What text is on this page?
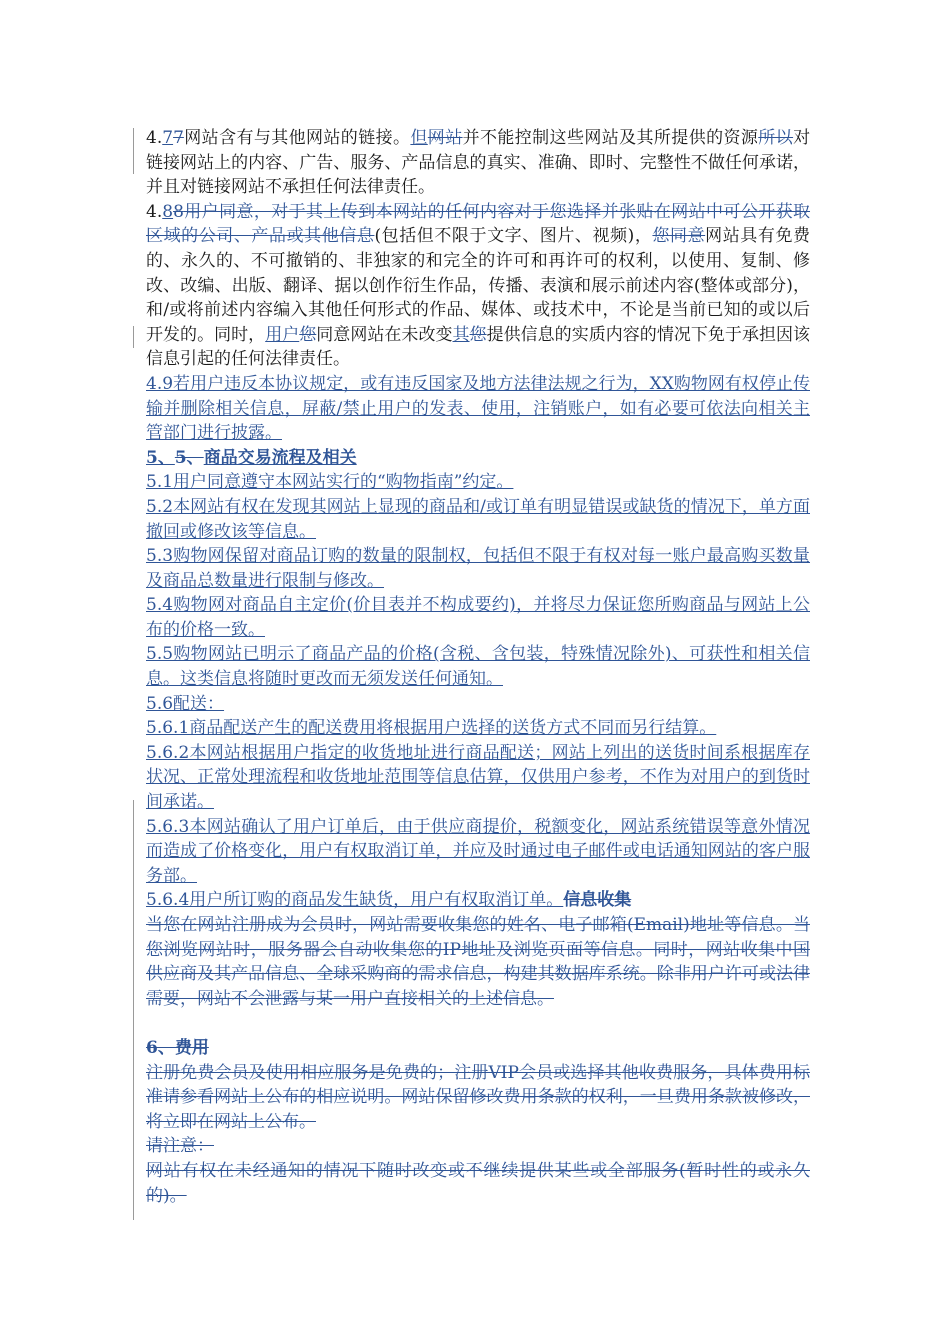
4.77网站含有与其他网站的链接。但网站并不能控制这些网站及其所提供的资源所以对链接网站上的内容、广告、服务、产品信息的真实、准确、即时、完整性不做任何承诺，并且对链接网站不承担任何法律责任。

4.88用户同意，对于其上传到本网站的任何内容对于您选择并张贴在网站中可公开获取区域的公司、产品或其他信息(包括但不限于文字、图片、视频)，您同意网站具有免费的、永久的、不可撤销的、非独家的和完全的许可和再许可的权利，以使用、复制、修改、改编、出版、翻译、据以创作衍生作品，传播、表演和展示前述内容(整体或部分)，和/或将前述内容编入其他任何形式的作品、媒体、或技术中，不论是当前已知的或以后开发的。同时，用户您同意网站在未改变其您提供信息的实质内容的情况下免于承担因该信息引起的任何法律责任。

4.9若用户违反本协议规定，或有违反国家及地方法律法规之行为，XX购物网有权停止传输并删除相关信息，屏蔽/禁止用户的发表、使用，注销账户，如有必要可依法向相关主管部门进行披露。

5、5、商品交易流程及相关

5.1用户同意遵守本网站实行的“购物指南”约定。

5.2本网站有权在发现其网站上显现的商品和/或订单有明显错误或缺货的情况下，单方面撤回或修改该等信息。

5.3购物网保留对商品订购的数量的限制权，包括但不限于有权对每一账户最高购买数量及商品总数量进行限制与修改。

5.4购物网对商品自主定价(价目表并不构成要约)，并将尽力保证您所购商品与网站上公布的价格一致。

5.5购物网站已明示了商品产品的价格(含税、含包装，特殊情况除外)、可获性和相关信息。这类信息将随时更改而无须发送任何通知。

5.6配送：

5.6.1商品配送产生的配送费用将根据用户选择的送货方式不同而另行结算。

5.6.2本网站根据用户指定的收货地址进行商品配送；网站上列出的送货时间系根据库存状况、正常处理流程和收货地址范围等信息估算，仅供用户参考，不作为对用户的到货时间承诺。

5.6.3本网站确认了用户订单后，由于供应商提价，税额变化，网站系统错误等意外情况而造成了价格变化，用户有权取消订单，并应及时通过电子邮件或电话通知网站的客户服务部。

5.6.4用户所订购的商品发生缺货，用户有权取消订单。信息收集

当您在网站注册成为会员时，网站需要收集您的姓名、电子邮箱(Email)地址等信息。当您浏览网站时，服务器会自动收集您的IP地址及浏览页面等信息。同时，网站收集中国供应商及其产品信息、全球采购商的需求信息，构建其数据库系统。除非用户许可或法律需要，网站不会泄露与某一用户直接相关的上述信息。

6、费用

注册免费会员及使用相应服务是免费的；注册VIP会员或选择其他收费服务，具体费用标准请参看网站上公布的相应说明。网站保留修改费用条款的权利，一旦费用条款被修改，将立即在网站上公布。

请注意：

网站有权在未经通知的情况下随时改变或不继续提供某些或全部服务(暂时性的或永久的)。
